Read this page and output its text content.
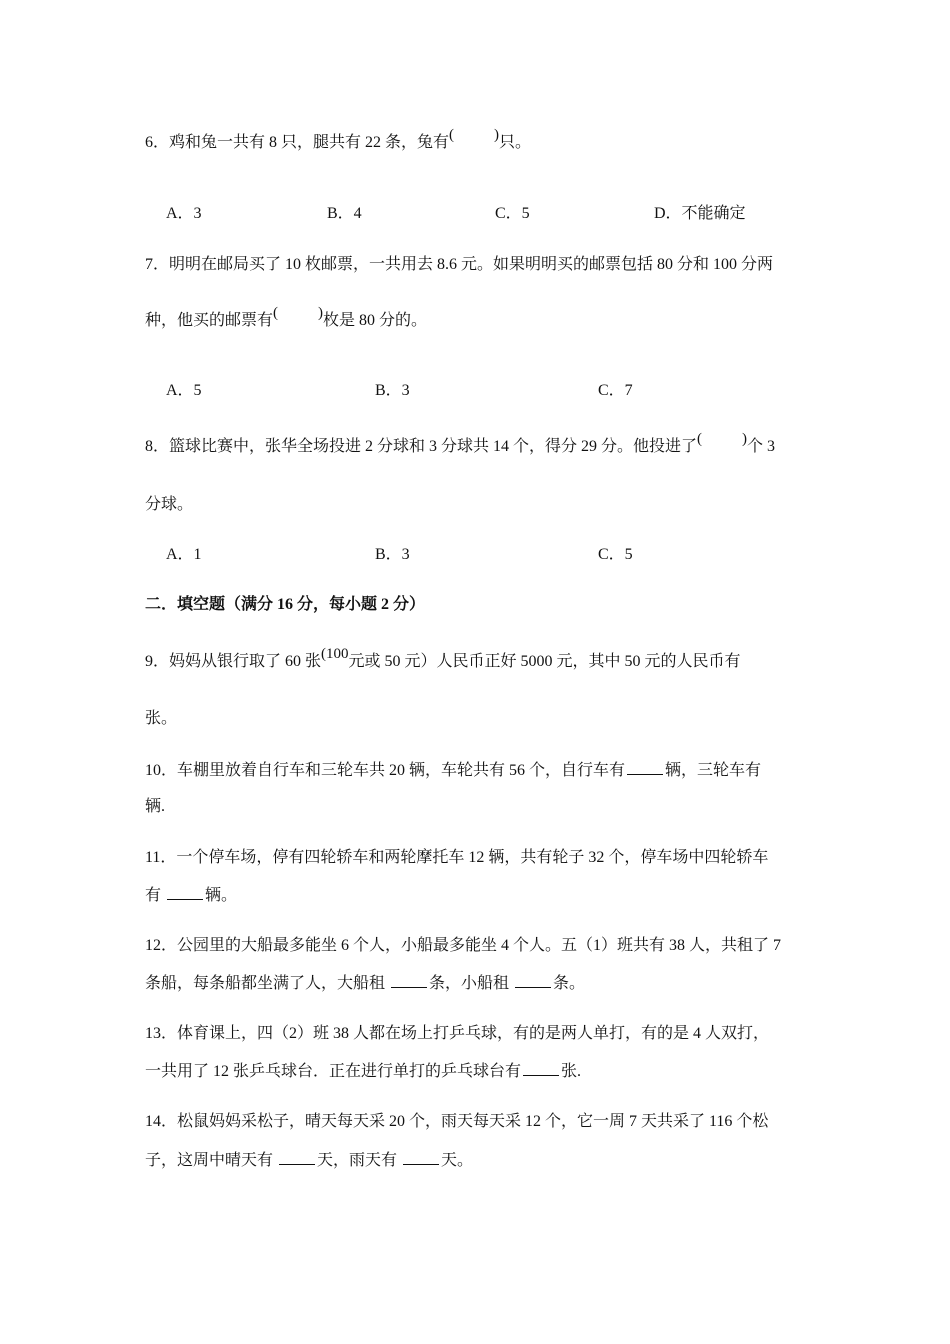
6．鸡和兔一共有 8 只，腿共有 22 条，兔有 (	) 只。
A．3	B．4	C．5	D．不能确定
7．明明在邮局买了 10 枚邮票，一共用去 8.6 元。如果明明买的邮票包括 80 分和 100 分两
种，他买的邮票有 (	) 枚是 80 分的。
A．5	B．3	C．7
8．篮球比赛中，张华全场投进 2 分球和 3 分球共 14 个，得分 29 分。他投进了 (	) 个 3
分球。
A．1	B．3	C．5
二．填空题（满分 16 分，每小题 2 分）
9．妈妈从银行取了 60 张(100元或 50 元）人民币正好 5000 元，其中 50 元的人民币有
张。
10．车棚里放着自行车和三轮车共 20 辆，车轮共有 56 个，自行车有	辆，三轮车有
辆.
11．一个停车场，停有四轮轿车和两轮摩托车 12 辆，共有轮子 32 个，停车场中四轮轿车
有	辆。
12．公园里的大船最多能坐 6 个人，小船最多能坐 4 个人。五（1）班共有 38 人，共租了 7
条船，每条船都坐满了人，大船租	条，小船租	条。
13．体育课上，四（2）班 38 人都在场上打乒乓球，有的是两人单打，有的是 4 人双打，
一共用了 12 张乒乓球台．正在进行单打的乒乓球台有	张.
14．松鼠妈妈采松子，晴天每天采 20 个，雨天每天采 12 个，它一周 7 天共采了 116 个松
子，这周中晴天有	天，雨天有	天。
